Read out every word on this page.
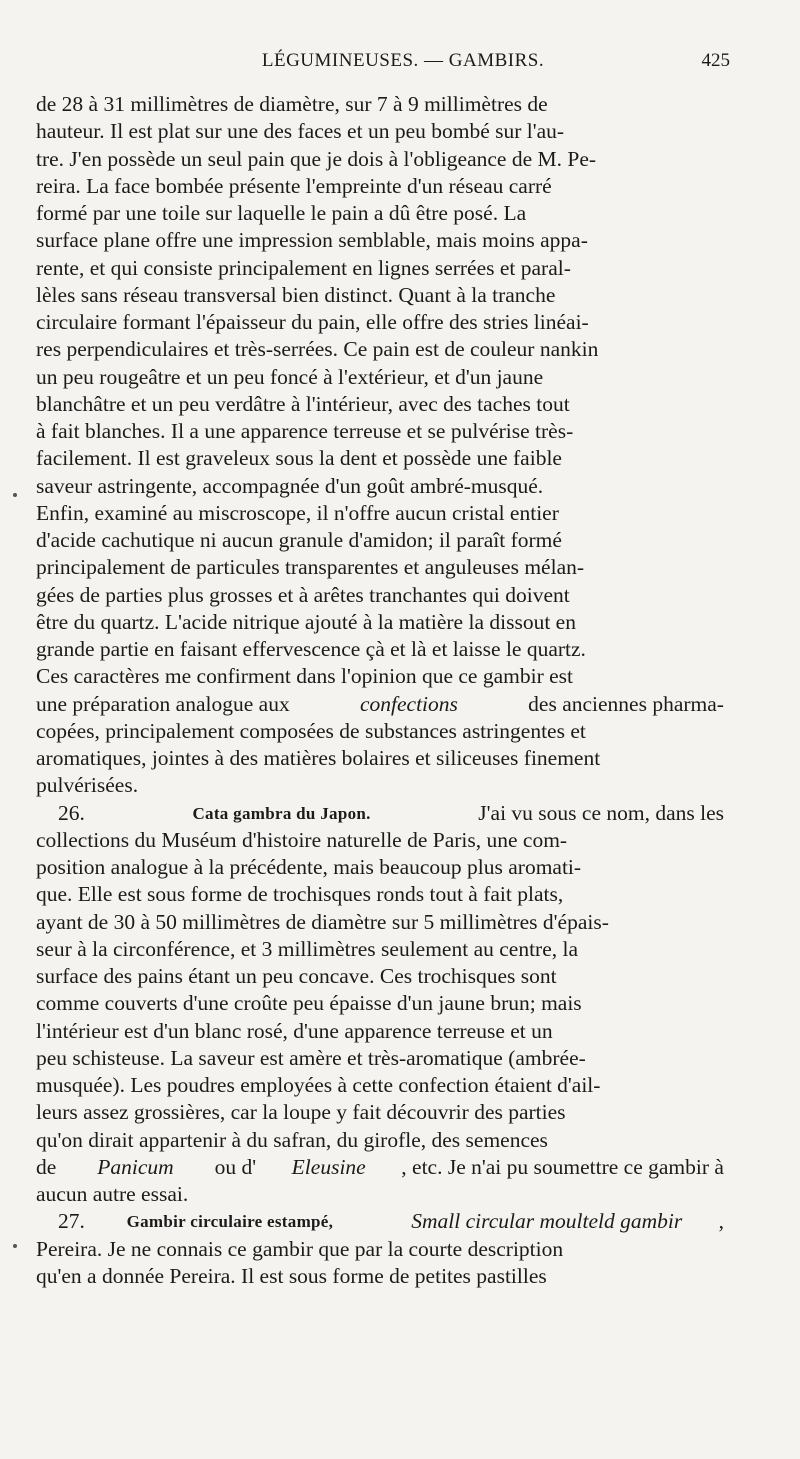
LÉGUMINEUSES. — GAMBIRS.	425
de 28 à 31 millimètres de diamètre, sur 7 à 9 millimètres de
hauteur. Il est plat sur une des faces et un peu bombé sur l'au-
tre. J'en possède un seul pain que je dois à l'obligeance de M. Pe-
reira. La face bombée présente l'empreinte d'un réseau carré
formé par une toile sur laquelle le pain a dû être posé. La
surface plane offre une impression semblable, mais moins appa-
rente, et qui consiste principalement en lignes serrées et paral-
lèles sans réseau transversal bien distinct. Quant à la tranche
circulaire formant l'épaisseur du pain, elle offre des stries linéai-
res perpendiculaires et très-serrées. Ce pain est de couleur nankin
un peu rougeâtre et un peu foncé à l'extérieur, et d'un jaune
blanchâtre et un peu verdâtre à l'intérieur, avec des taches tout
à fait blanches. Il a une apparence terreuse et se pulvérise très-
facilement. Il est graveleux sous la dent et possède une faible
saveur astringente, accompagnée d'un goût ambré-musqué.
Enfin, examiné au miscroscope, il n'offre aucun cristal entier
d'acide cachutique ni aucun granule d'amidon; il paraît formé
principalement de particules transparentes et anguleuses mélan-
gées de parties plus grosses et à arêtes tranchantes qui doivent
être du quartz. L'acide nitrique ajouté à la matière la dissout en
grande partie en faisant effervescence çà et là et laisse le quartz.
Ces caractères me confirment dans l'opinion que ce gambir est
une préparation analogue aux	confections	des anciennes pharma-
copées, principalement composées de substances astringentes et
aromatiques, jointes à des matières bolaires et siliceuses finement
pulvérisées.
26.	Cata gambra du Japon.	J'ai vu sous ce nom, dans les
collections du Muséum d'histoire naturelle de Paris, une com-
position analogue à la précédente, mais beaucoup plus aromati-
que. Elle est sous forme de trochisques ronds tout à fait plats,
ayant de 30 à 50 millimètres de diamètre sur 5 millimètres d'épais-
seur à la circonférence, et 3 millimètres seulement au centre, la
surface des pains étant un peu concave. Ces trochisques sont
comme couverts d'une croûte peu épaisse d'un jaune brun; mais
l'intérieur est d'un blanc rosé, d'une apparence terreuse et un
peu schisteuse. La saveur est amère et très-aromatique (ambrée-
musquée). Les poudres employées à cette confection étaient d'ail-
leurs assez grossières, car la loupe y fait découvrir des parties
qu'on dirait appartenir à du safran, du girofle, des semences
de Panicum ou d' Eleusine , etc. Je n'ai pu soumettre ce gambir à
aucun autre essai.
27. Gambir circulaire estampé,
	Small circular moulteld gambir ,
Pereira. Je ne connais ce gambir que par la courte description
qu'en a donnée Pereira. Il est sous forme de petites pastilles
